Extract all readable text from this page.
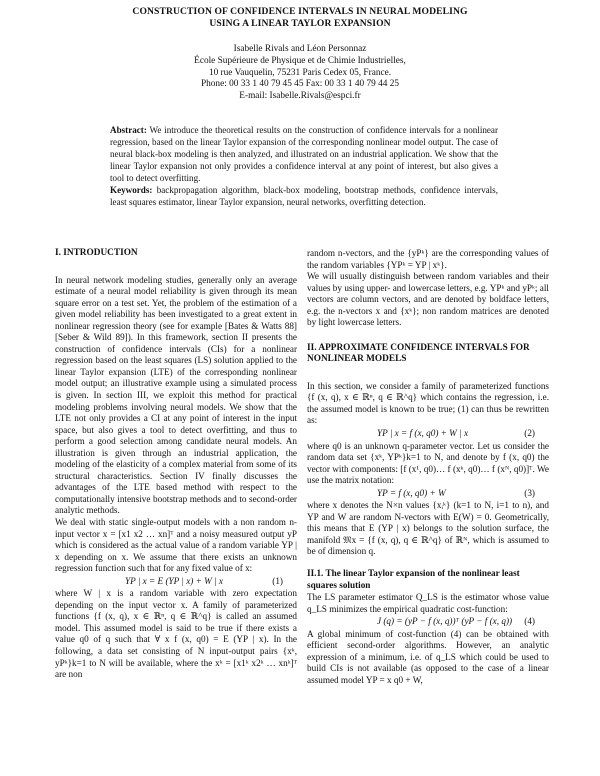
CONSTRUCTION OF CONFIDENCE INTERVALS IN NEURAL MODELING
USING A LINEAR TAYLOR EXPANSION
Isabelle Rivals and Léon Personnaz
École Supérieure de Physique et de Chimie Industrielles,
10 rue Vauquelin, 75231 Paris Cedex 05, France.
Phone: 00 33 1 40 79 45 45 Fax: 00 33 1 40 79 44 25
E-mail: Isabelle.Rivals@espci.fr
Abstract: We introduce the theoretical results on the construction of confidence intervals for a nonlinear regression, based on the linear Taylor expansion of the corresponding nonlinear model output. The case of neural black-box modeling is then analyzed, and illustrated on an industrial application. We show that the linear Taylor expansion not only provides a confidence interval at any point of interest, but also gives a tool to detect overfitting.
Keywords: backpropagation algorithm, black-box modeling, bootstrap methods, confidence intervals, least squares estimator, linear Taylor expansion, neural networks, overfitting detection.
I. INTRODUCTION

In neural network modeling studies, generally only an average estimate of a neural model reliability is given through its mean square error on a test set. Yet, the problem of the estimation of a given model reliability has been investigated to a great extent in nonlinear regression theory (see for example [Bates & Watts 88] [Seber & Wild 89]). In this framework, section II presents the construction of confidence intervals (CIs) for a nonlinear regression based on the least squares (LS) solution applied to the linear Taylor expansion (LTE) of the corresponding nonlinear model output; an illustrative example using a simulated process is given. In section III, we exploit this method for practical modeling problems involving neural models. We show that the LTE not only provides a CI at any point of interest in the input space, but also gives a tool to detect overfitting, and thus to perform a good selection among candidate neural models. An illustration is given through an industrial application, the modeling of the elasticity of a complex material from some of its structural characteristics. Section IV finally discusses the advantages of the LTE based method with respect to the computationally intensive bootstrap methods and to second-order analytic methods.

We deal with static single-output models with a non random n-input vector x = [x1 x2 … xn]ᵀ and a noisy measured output yP which is considered as the actual value of a random variable YP | x depending on x. We assume that there exists an unknown regression function such that for any fixed value of x:

YP | x = E (YP | x) + W | x	(1)

where W | x is a random variable with zero expectation depending on the input vector x. A family of parameterized functions {f (x, q), x ∈ ℝⁿ, q ∈ ℝ^q} is called an assumed model. This assumed model is said to be true if there exists a value q0 of q such that ∀ x f (x, q0) = E (YP | x). In the following, a data set consisting of N input-output pairs {xᵏ, yPᵏ}k=1 to N will be available, where the xᵏ = [x1ᵏ x2ᵏ … xnᵏ]ᵀ are non

random n-vectors, and the {yPᵏ} are the corresponding values of the random variables {YPᵏ = YP | xᵏ}.

We will usually distinguish between random variables and their values by using upper- and lowercase letters, e.g. YPᵏ and yPᵏ; all vectors are column vectors, and are denoted by boldface letters, e.g. the n-vectors x and {xᵏ}; non random matrices are denoted by light lowercase letters.

II. APPROXIMATE CONFIDENCE INTERVALS FOR NONLINEAR MODELS

In this section, we consider a family of parameterized functions {f (x, q), x ∈ ℝⁿ, q ∈ ℝ^q} which contains the regression, i.e. the assumed model is known to be true; (1) can thus be rewritten as:

YP | x = f (x, q0) + W | x	(2)

where q0 is an unknown q-parameter vector. Let us consider the random data set {xᵏ, YPᵏ}k=1 to N, and denote by f (x, q0) the vector with components: [f (x¹, q0)… f (xᵏ, q0)… f (xᴺ, q0)]ᵀ. We use the matrix notation:

YP = f (x, q0) + W	(3)

where x denotes the N×n values {xᵢᵏ} (k=1 to N, i=1 to n), and YP and W are random N-vectors with E(W) = 0. Geometrically, this means that E (YP | x) belongs to the solution surface, the manifold 𝔐x = {f (x, q), q ∈ ℝ^q} of ℝᴺ, which is assumed to be of dimension q.

II.1. The linear Taylor expansion of the nonlinear least squares solution

The LS parameter estimator Q_LS is the estimator whose value q_LS minimizes the empirical quadratic cost-function:

J (q) = (yP − f (x, q))ᵀ (yP − f (x, q)) (4)

A global minimum of cost-function (4) can be obtained with efficient second-order algorithms. However, an analytic expression of a minimum, i.e. of q_LS which could be used to build CIs is not available (as opposed to the case of a linear assumed model YP = x q0 + W,
